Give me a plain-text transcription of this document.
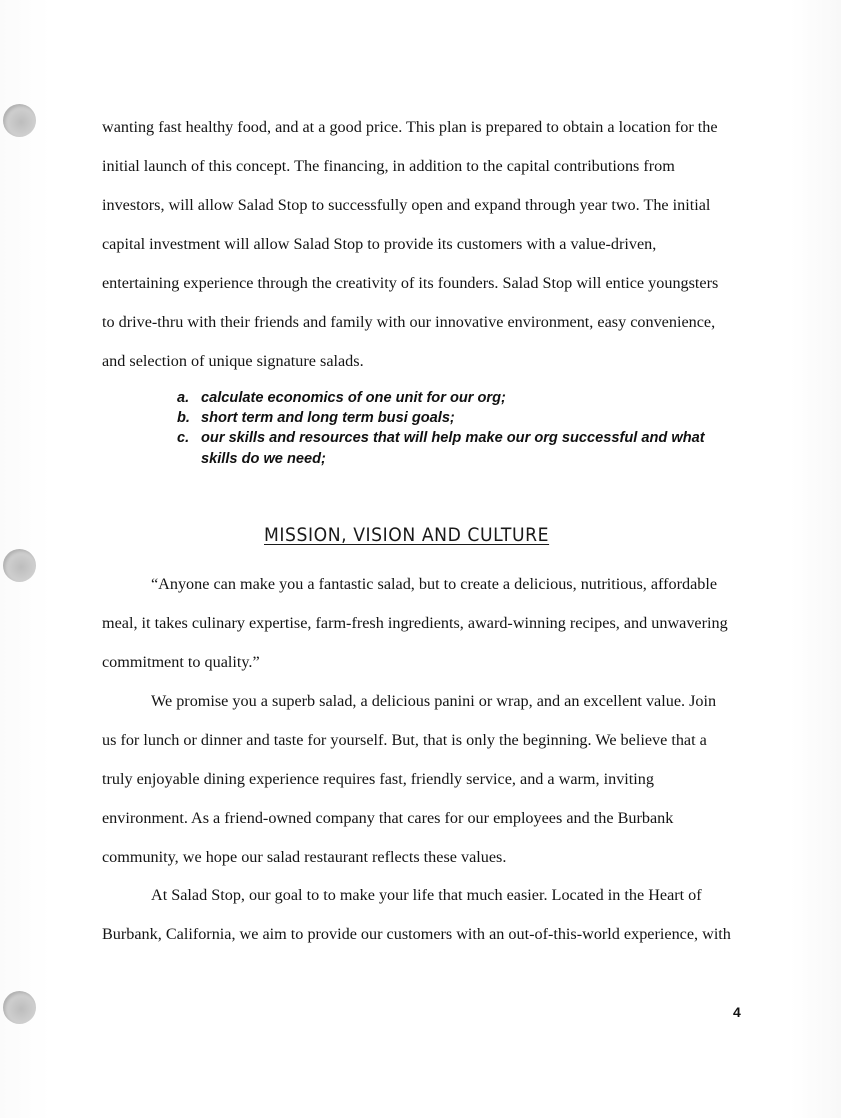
wanting fast healthy food, and at a good price. This plan is prepared to obtain a location for the

initial launch of this concept. The financing, in addition to the capital contributions from

investors, will allow Salad Stop to successfully open and expand through year two. The initial

capital investment will allow Salad Stop to provide its customers with a value-driven,

entertaining experience through the creativity of its founders. Salad Stop will entice youngsters

to drive-thru with their friends and family with our innovative environment, easy convenience,

and selection of unique signature salads.

a. calculate economics of one unit for our org;
b. short term and long term busi goals;
c. our skills and resources that will help make our org successful and what
skills do we need;
MISSION, VISION AND CULTURE

“Anyone can make you a fantastic salad, but to create a delicious, nutritious, affordable

meal, it takes culinary expertise, farm-fresh ingredients, award-winning recipes, and unwavering

commitment to quality.”

We promise you a superb salad, a delicious panini or wrap, and an excellent value. Join

us for lunch or dinner and taste for yourself. But, that is only the beginning. We believe that a

truly enjoyable dining experience requires fast, friendly service, and a warm, inviting

environment. As a friend-owned company that cares for our employees and the Burbank

community, we hope our salad restaurant reflects these values.

At Salad Stop, our goal to to make your life that much easier. Located in the Heart of

Burbank, California, we aim to provide our customers with an out-of-this-world experience, with

4
